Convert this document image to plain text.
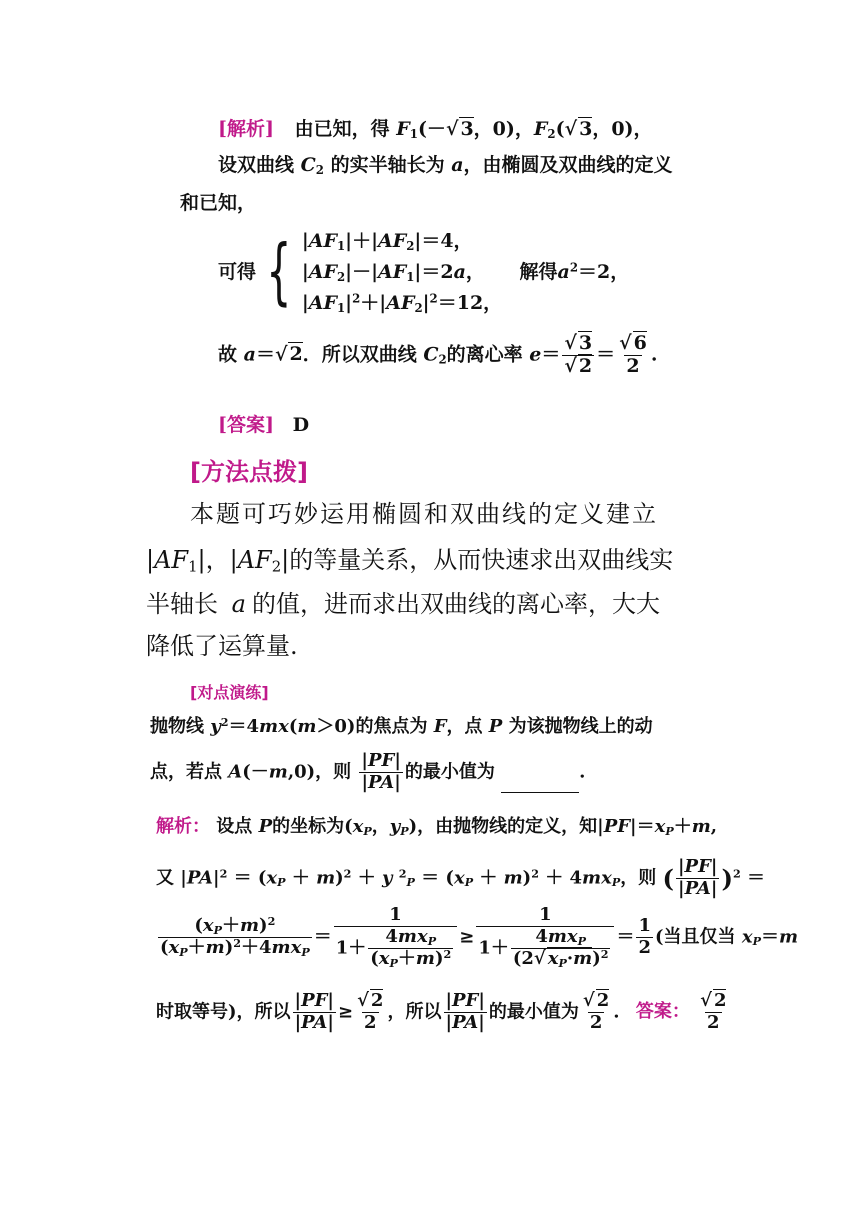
[解析] 由已知，得 $F_1(-√$ 3，0)，$F_2(√$ 3，0)，
设双曲线 $C_2$ 的实半轴长为 a，由椭圆及双曲线的定义
和已知，
可得 { $|AF_1|+|AF_2|=4$，
$|AF_2|-|AF_1|=2a$， 解得$a^2=2$，
$|AF_1|^2+|AF_2|^2=12$，
故 a＝√ 2．所以双曲线 $C_2$的离心率 $e= \frac{√ 3}{√ 2} = \frac{√ 6}{2}$ .
[答案] D
[方法点拨]
本题可巧妙运用椭圆和双曲线的定义建立
$|AF_1|$，$|AF_2|$的等量关系，从而快速求出双曲线实
半轴长 a 的值，进而求出双曲线的离心率，大大
降低了运算量.
[对点演练]
抛物线 $y^2=4mx(m>0)$的焦点为 F，点 P 为该抛物线上的动
点，若点 A(－m,0)，则 $\frac{|PF|}{|PA|}$ 的最小值为	.
解析： 设点 P的坐标为($x_P$，$y_P$)，由抛物线的定义，知$|PF|=x_P+m$,
又 $|PA|^2 = (x_P + m)^2 + y$ $^2_P = (x_P + m)^2 + 4mx_P$，则 ( $\frac{|PF|}{|PA|} )^2$ ＝
$(x_P+m)^2$
$(x_P+m)^2+4mx_P$
＝
1
1＋
$4mx_P$
$(x_P+m)^2$
≥
1
1＋
$4mx_P$
(2√ $x_P\cdot m)^2$
＝ $\frac{1}{2}$ (当且仅当 $x_P=m$
时取等号)，所以 $\frac{|PF|}{|PA|} \ge \frac{√ 2}{2}$ ，所以 $\frac{|PF|}{|PA|}$ 的最小值为 $\frac{√ 2}{2}$ . 答案： $\frac{√ 2}{2}$
